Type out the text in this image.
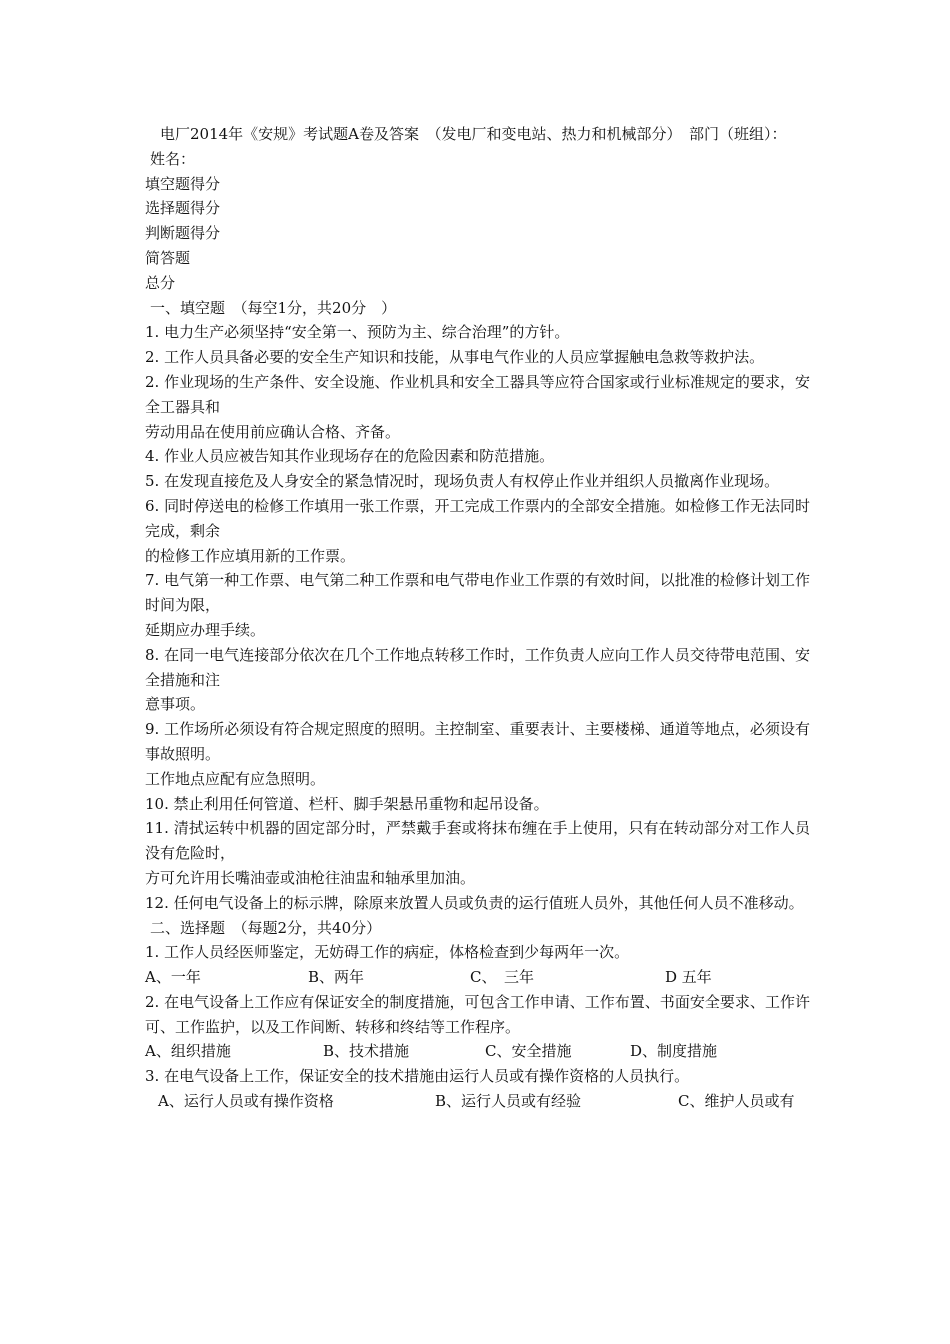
电厂2014年《安规》考试题A卷及答案　（发电厂和变电站、热力和机械部分）　部门（班组）：
姓名：
填空题得分
选择题得分
判断题得分
简答题
总分
一、填空题　（每空1分，共20分　）
1. 电力生产必须坚持“安全第一、预防为主、综合治理”的方针。
2. 工作人员具备必要的安全生产知识和技能，从事电气作业的人员应掌握触电急救等救护法。
2. 作业现场的生产条件、安全设施、作业机具和安全工器具等应符合国家或行业标准规定的要求，安全工器具和
劳动用品在使用前应确认合格、齐备。
4. 作业人员应被告知其作业现场存在的危险因素和防范措施。
5. 在发现直接危及人身安全的紧急情况时，现场负责人有权停止作业并组织人员撤离作业现场。
6. 同时停送电的检修工作填用一张工作票，开工完成工作票内的全部安全措施。如检修工作无法同时完成，剩余
的检修工作应填用新的工作票。
7. 电气第一种工作票、电气第二种工作票和电气带电作业工作票的有效时间，以批准的检修计划工作时间为限，
延期应办理手续。
8. 在同一电气连接部分依次在几个工作地点转移工作时，工作负责人应向工作人员交待带电范围、安全措施和注
意事项。
9. 工作场所必须设有符合规定照度的照明。主控制室、重要表计、主要楼梯、通道等地点，必须设有事故照明。
工作地点应配有应急照明。
10. 禁止利用任何管道、栏杆、脚手架悬吊重物和起吊设备。
11. 清拭运转中机器的固定部分时，严禁戴手套或将抹布缠在手上使用，只有在转动部分对工作人员没有危险时，
方可允许用长嘴油壶或油枪往油盅和轴承里加油。
12. 任何电气设备上的标示牌，除原来放置人员或负责的运行值班人员外，其他任何人员不准移动。
二、选择题　（每题2分，共40分）
1. 工作人员经医师鉴定，无妨碍工作的病症，体格检查到少每两年一次。
A、一年	B、两年	C、　三年	D 五年
2. 在电气设备上工作应有保证安全的制度措施，可包含工作申请、工作布置、书面安全要求、工作许可、工作监护，以及工作间断、转移和终结等工作程序。
A、组织措施	B、技术措施	C、安全措施	D、制度措施
3. 在电气设备上工作，保证安全的技术措施由运行人员或有操作资格的人员执行。
A、运行人员或有操作资格	B、运行人员或有经验	C、维护人员或有
